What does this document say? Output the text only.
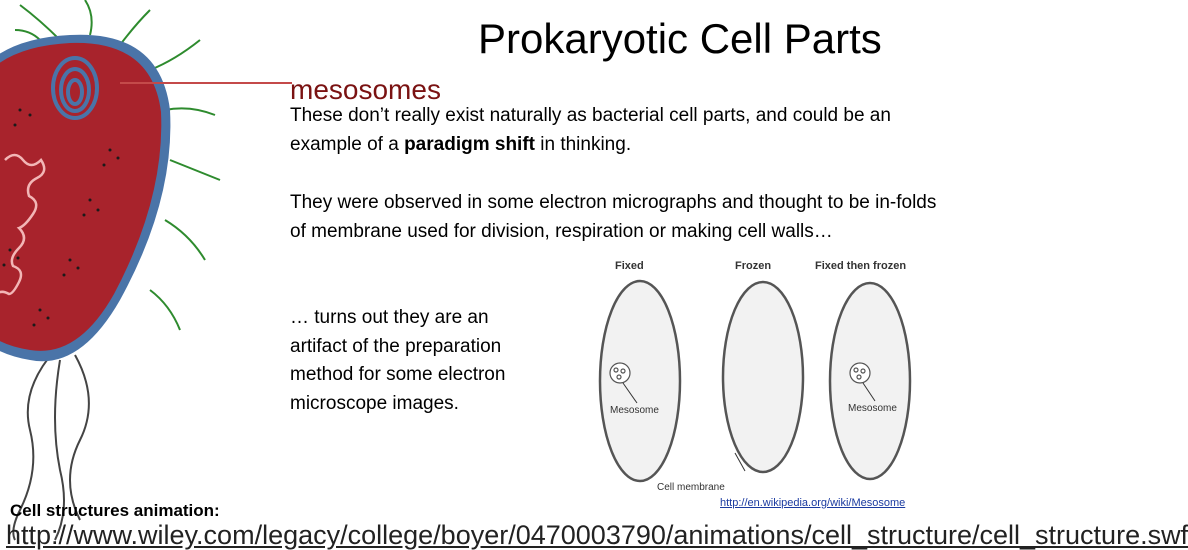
Prokaryotic Cell Parts
mesosomes
These don’t really exist naturally as bacterial cell parts, and could be an example of a paradigm shift in thinking.
They were observed in some electron micrographs and thought to be in-folds of membrane used for division, respiration or making cell walls…
… turns out they are an artifact of the preparation method for some electron microscope images.
Fixed	Frozen	Fixed then frozen
Mesosome	Mesosome
Cell membrane
http://en.wikipedia.org/wiki/Mesosome
Cell structures animation:
http://www.wiley.com/legacy/college/boyer/0470003790/animations/cell_structure/cell_structure.swf
